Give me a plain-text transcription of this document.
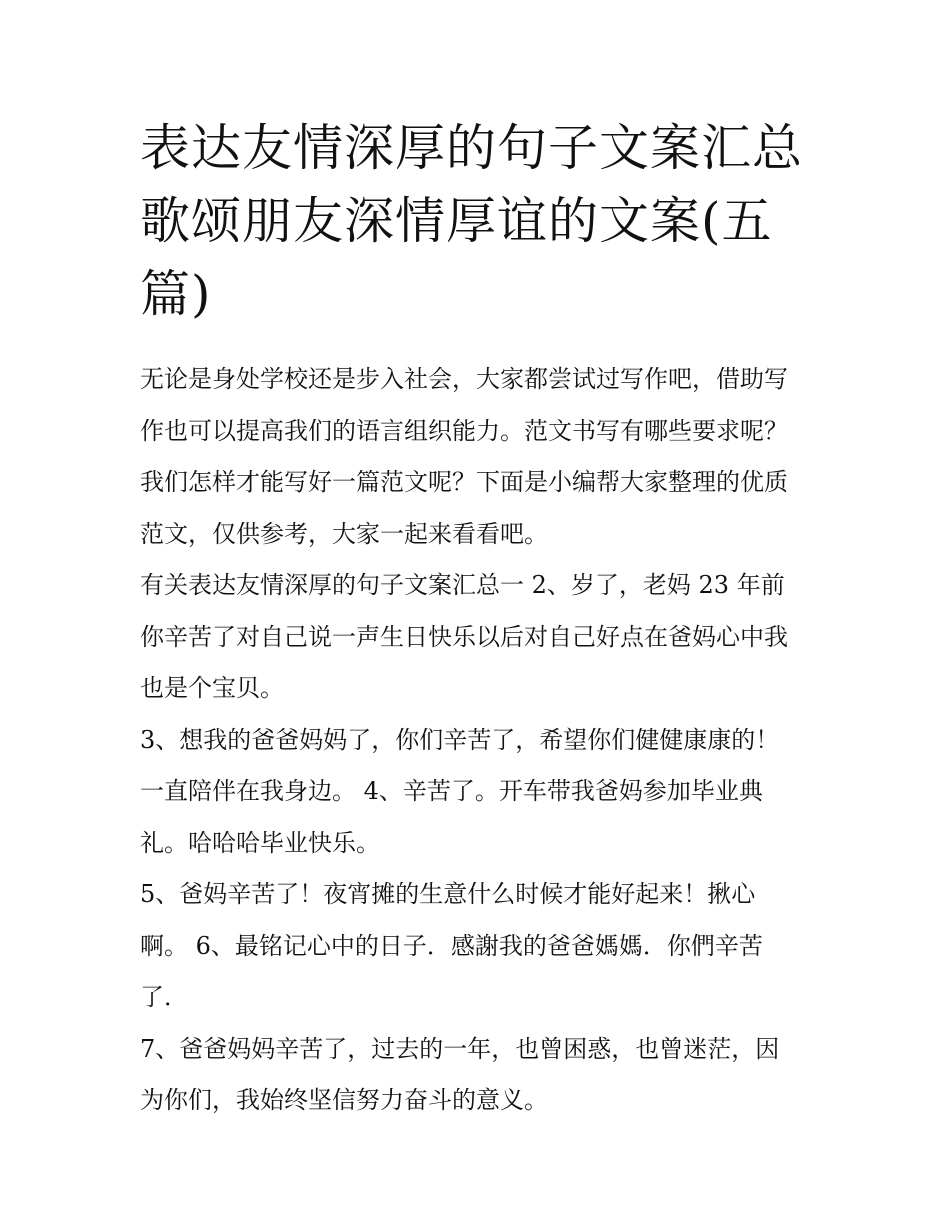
表达友情深厚的句子文案汇总
歌颂朋友深情厚谊的文案(五
篇)
无论是身处学校还是步入社会，大家都尝试过写作吧，借助写
作也可以提高我们的语言组织能力。范文书写有哪些要求呢？
我们怎样才能写好一篇范文呢？下面是小编帮大家整理的优质
范文，仅供参考，大家一起来看看吧。
有关表达友情深厚的句子文案汇总一 2、岁了，老妈 23 年前
你辛苦了对自己说一声生日快乐以后对自己好点在爸妈心中我
也是个宝贝。
3、想我的爸爸妈妈了，你们辛苦了，希望你们健健康康的！
一直陪伴在我身边。 4、辛苦了。开车带我爸妈参加毕业典
礼。哈哈哈毕业快乐。
5、爸妈辛苦了！夜宵摊的生意什么时候才能好起来！揪心
啊。 6、最铭记心中的日子．感謝我的爸爸媽媽．你們辛苦
了．
7、爸爸妈妈辛苦了，过去的一年，也曾困惑，也曾迷茫，因
为你们，我始终坚信努力奋斗的意义。
